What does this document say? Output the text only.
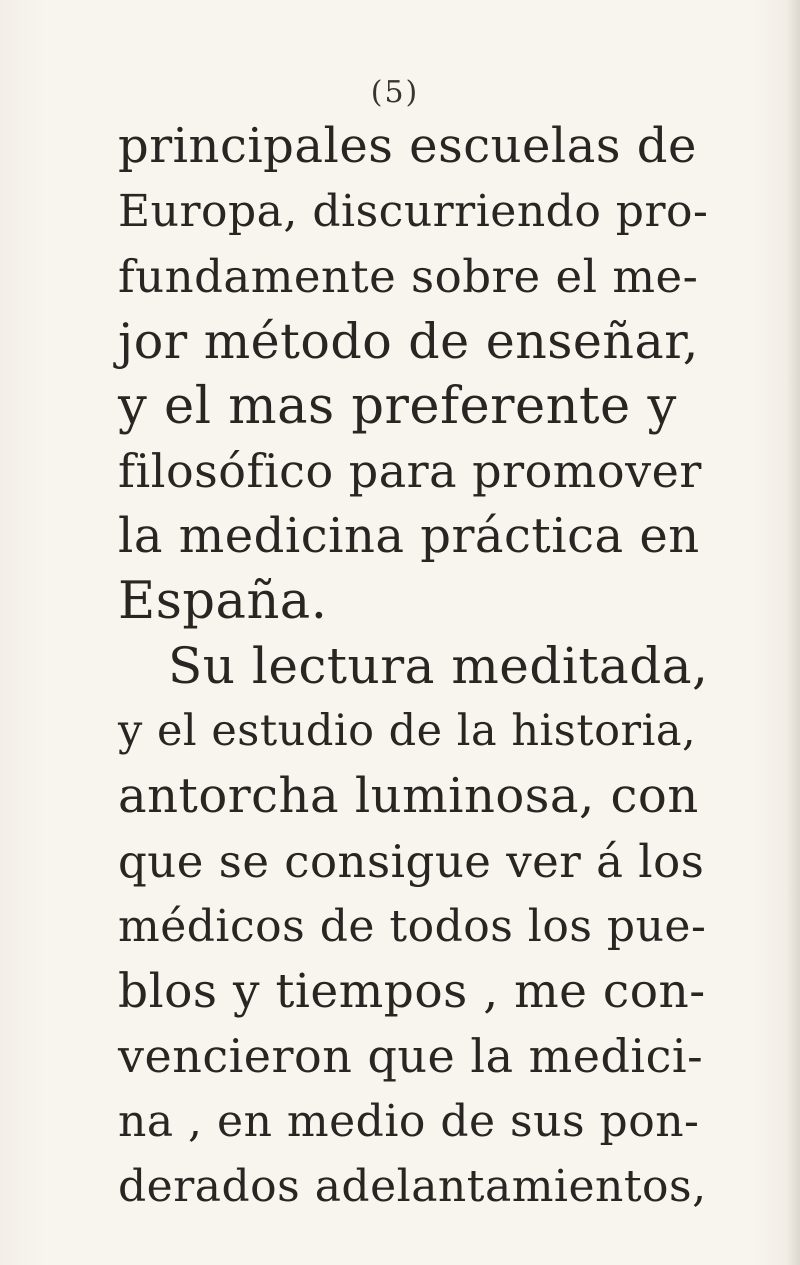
(5)
principales escuelas de
Europa, discurriendo pro-
fundamente sobre el me-
jor método de enseñar,
y el mas preferente y
filosófico para promover
la medicina práctica en
España.
Su lectura meditada,
y el estudio de la historia,
antorcha luminosa, con
que se consigue ver á los
médicos de todos los pue-
blos y tiempos , me con-
vencieron que la medici-
na , en medio de sus pon-
derados adelantamientos,
